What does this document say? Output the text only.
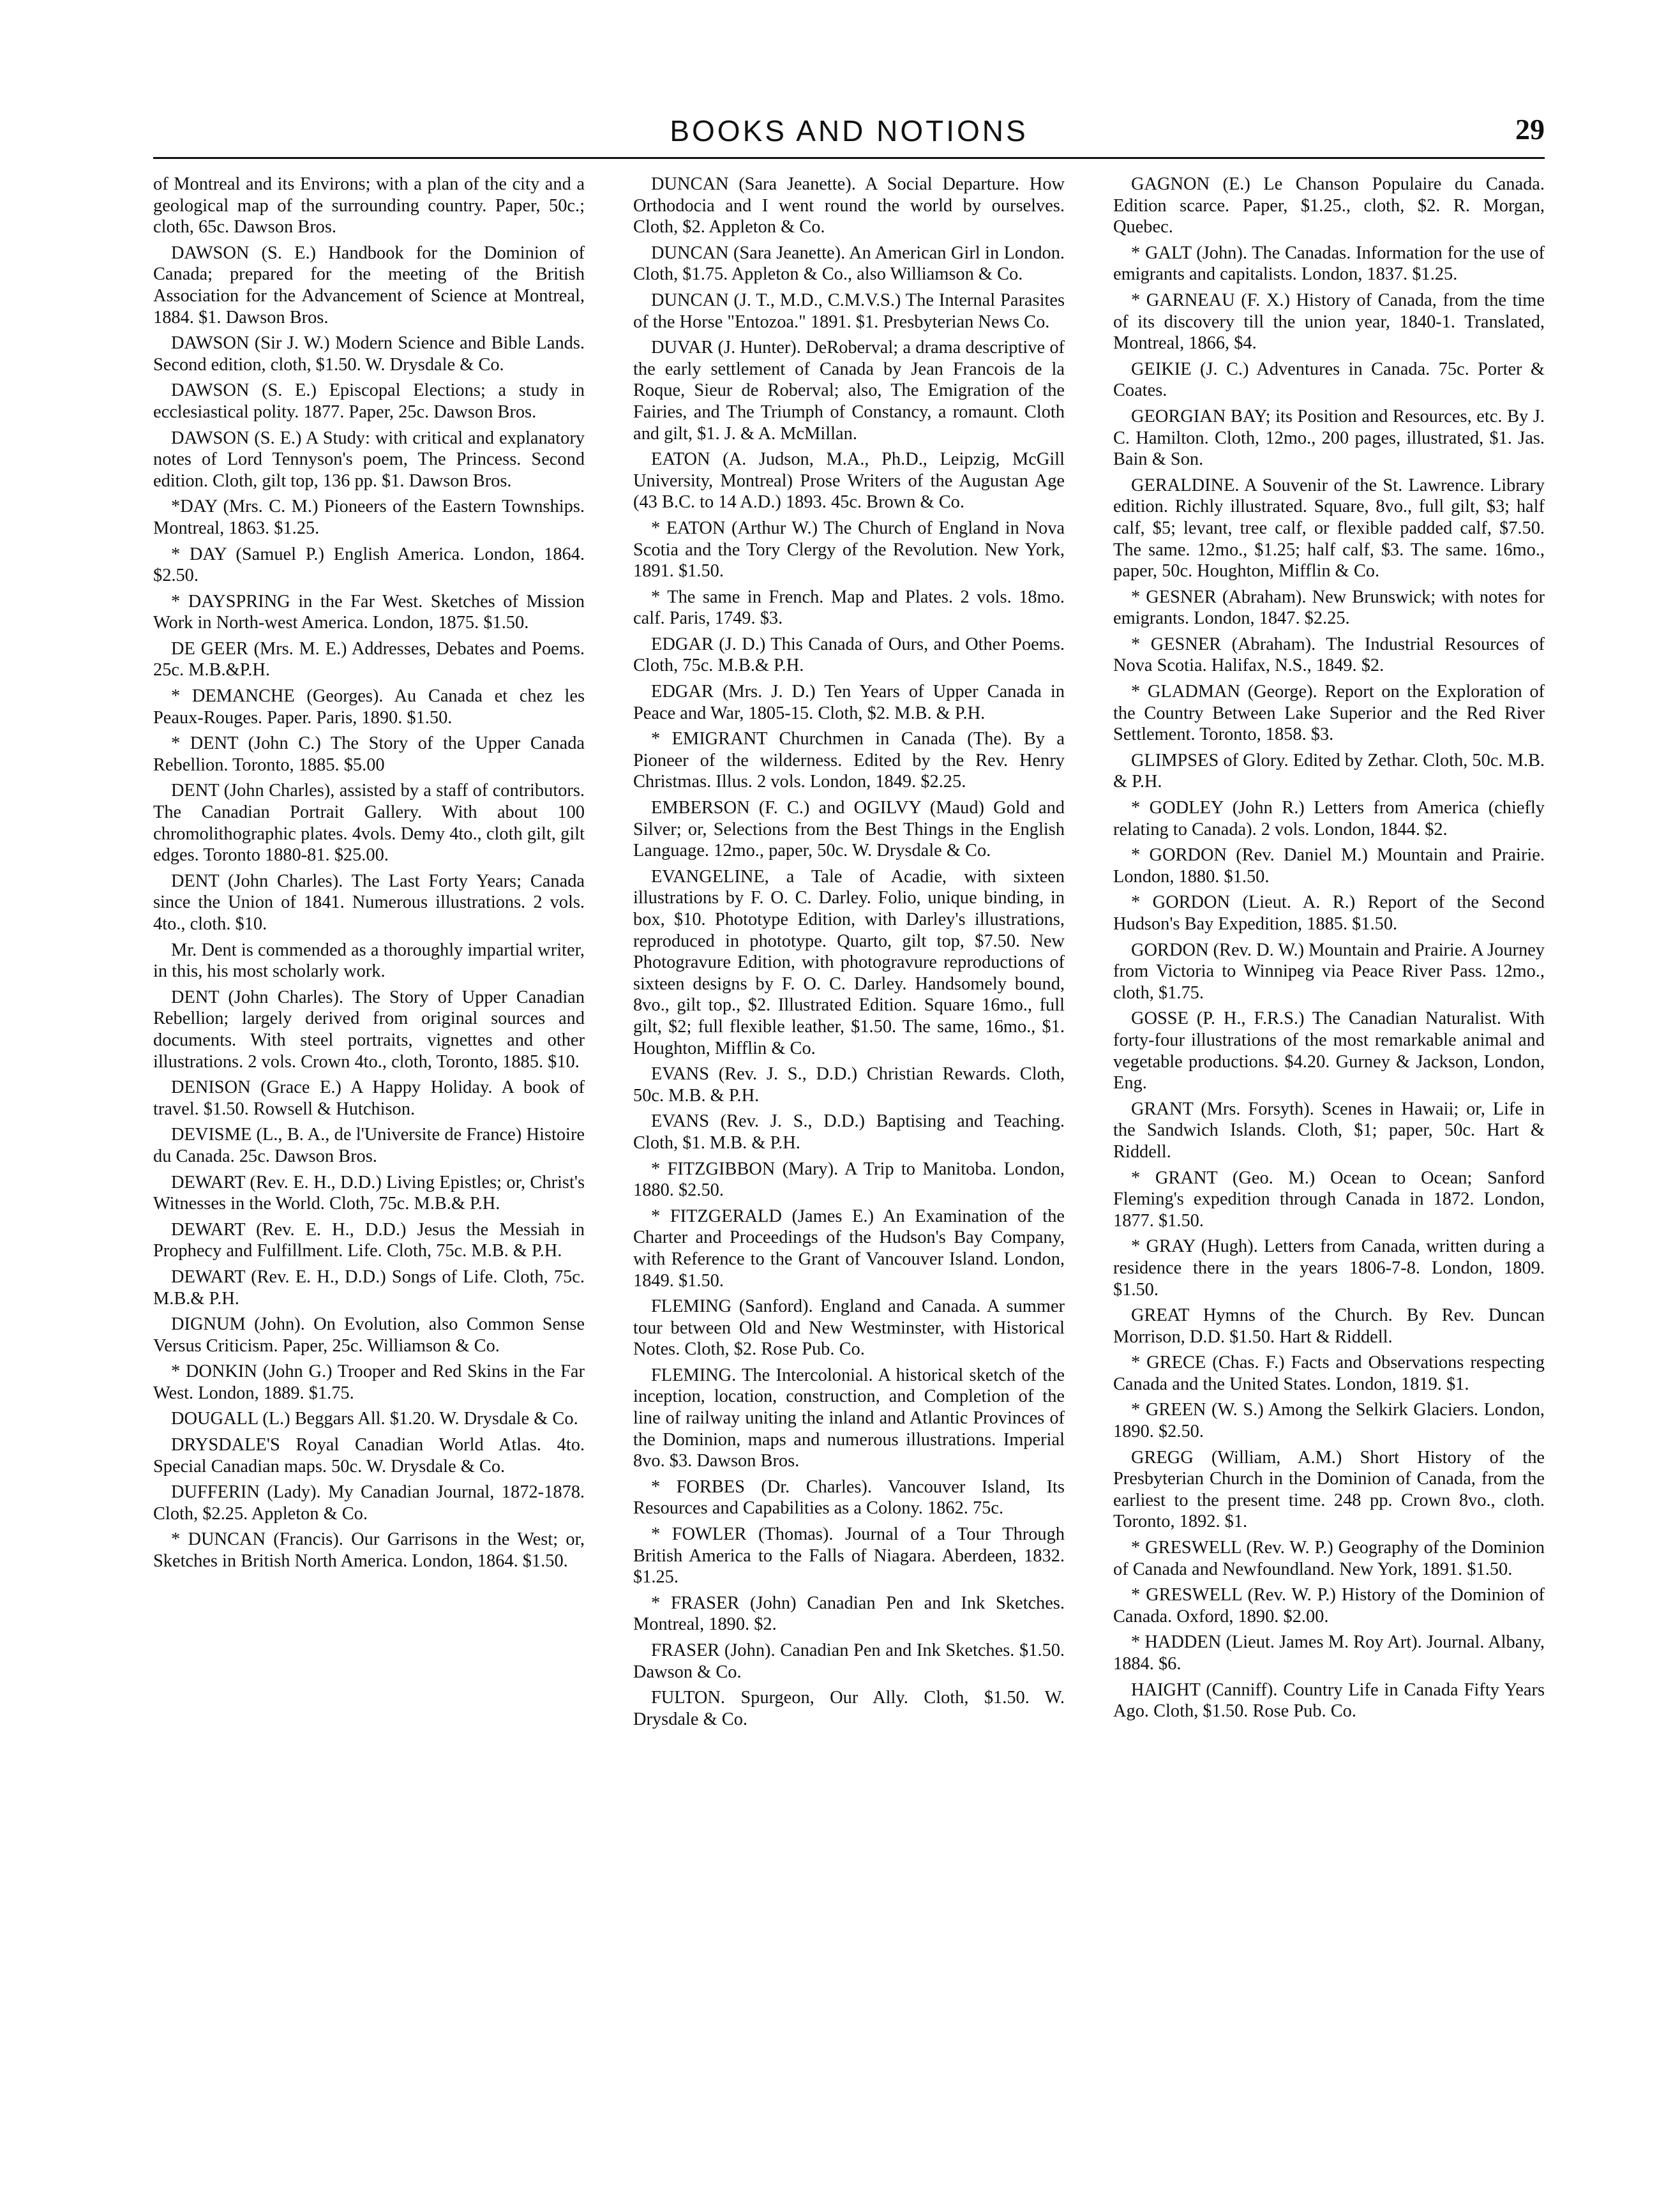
BOOKS AND NOTIONS	29

of Montreal and its Environs; with a plan of the city and a geological map of the surrounding country. Paper, 50c.; cloth, 65c. Dawson Bros.

DAWSON (S. E.) Handbook for the Dominion of Canada; prepared for the meeting of the British Association for the Advancement of Science at Montreal, 1884. $1. Dawson Bros.

DAWSON (Sir J. W.) Modern Science and Bible Lands. Second edition, cloth, $1.50. W. Drysdale & Co.

DAWSON (S. E.) Episcopal Elections; a study in ecclesiastical polity. 1877. Paper, 25c. Dawson Bros.

DAWSON (S. E.) A Study: with critical and explanatory notes of Lord Tennyson's poem, The Princess. Second edition. Cloth, gilt top, 136 pp. $1. Dawson Bros.

*DAY (Mrs. C. M.) Pioneers of the Eastern Townships. Montreal, 1863. $1.25.

* DAY (Samuel P.) English America. London, 1864. $2.50.

* DAYSPRING in the Far West. Sketches of Mission Work in North-west America. London, 1875. $1.50.

DE GEER (Mrs. M. E.) Addresses, Debates and Poems. 25c. M.B.&P.H.

* DEMANCHE (Georges). Au Canada et chez les Peaux-Rouges. Paper. Paris, 1890. $1.50.

* DENT (John C.) The Story of the Upper Canada Rebellion. Toronto, 1885. $5.00

DENT (John Charles), assisted by a staff of contributors. The Canadian Portrait Gallery. With about 100 chromolithographic plates. 4vols. Demy 4to., cloth gilt, gilt edges. Toronto 1880-81. $25.00.

DENT (John Charles). The Last Forty Years; Canada since the Union of 1841. Numerous illustrations. 2 vols. 4to., cloth. $10.

Mr. Dent is commended as a thoroughly impartial writer, in this, his most scholarly work.

DENT (John Charles). The Story of Upper Canadian Rebellion; largely derived from original sources and documents. With steel portraits, vignettes and other illustrations. 2 vols. Crown 4to., cloth, Toronto, 1885. $10.

DENISON (Grace E.) A Happy Holiday. A book of travel. $1.50. Rowsell & Hutchison.

DEVISME (L., B. A., de l'Universite de France) Histoire du Canada. 25c. Dawson Bros.

DEWART (Rev. E. H., D.D.) Living Epistles; or, Christ's Witnesses in the World. Cloth, 75c. M.B.& P.H.

DEWART (Rev. E. H., D.D.) Jesus the Messiah in Prophecy and Fulfillment. Life. Cloth, 75c. M.B. & P.H.

DEWART (Rev. E. H., D.D.) Songs of Life. Cloth, 75c. M.B.& P.H.

DIGNUM (John). On Evolution, also Common Sense Versus Criticism. Paper, 25c. Williamson & Co.

* DONKIN (John G.) Trooper and Red Skins in the Far West. London, 1889. $1.75.

DOUGALL (L.) Beggars All. $1.20. W. Drysdale & Co.

DRYSDALE'S Royal Canadian World Atlas. 4to. Special Canadian maps. 50c. W. Drysdale & Co.

DUFFERIN (Lady). My Canadian Journal, 1872-1878. Cloth, $2.25. Appleton & Co.

* DUNCAN (Francis). Our Garrisons in the West; or, Sketches in British North America. London, 1864. $1.50.

DUNCAN (Sara Jeanette). A Social Departure. How Orthodocia and I went round the world by ourselves. Cloth, $2. Appleton & Co.

DUNCAN (Sara Jeanette). An American Girl in London. Cloth, $1.75. Appleton & Co., also Williamson & Co.

DUNCAN (J. T., M.D., C.M.V.S.) The Internal Parasites of the Horse "Entozoa." 1891. $1. Presbyterian News Co.

DUVAR (J. Hunter). DeRoberval; a drama descriptive of the early settlement of Canada by Jean Francois de la Roque, Sieur de Roberval; also, The Emigration of the Fairies, and The Triumph of Constancy, a romaunt. Cloth and gilt, $1. J. & A. McMillan.

EATON (A. Judson, M.A., Ph.D., Leipzig, McGill University, Montreal) Prose Writers of the Augustan Age (43 B.C. to 14 A.D.) 1893. 45c. Brown & Co.

* EATON (Arthur W.) The Church of England in Nova Scotia and the Tory Clergy of the Revolution. New York, 1891. $1.50.

* The same in French. Map and Plates. 2 vols. 18mo. calf. Paris, 1749. $3.

EDGAR (J. D.) This Canada of Ours, and Other Poems. Cloth, 75c. M.B.& P.H.

EDGAR (Mrs. J. D.) Ten Years of Upper Canada in Peace and War, 1805-15. Cloth, $2. M.B. & P.H.

* EMIGRANT Churchmen in Canada (The). By a Pioneer of the wilderness. Edited by the Rev. Henry Christmas. Illus. 2 vols. London, 1849. $2.25.

EMBERSON (F. C.) and OGILVY (Maud) Gold and Silver; or, Selections from the Best Things in the English Language. 12mo., paper, 50c. W. Drysdale & Co.

EVANGELINE, a Tale of Acadie, with sixteen illustrations by F. O. C. Darley. Folio, unique binding, in box, $10. Phototype Edition, with Darley's illustrations, reproduced in phototype. Quarto, gilt top, $7.50. New Photogravure Edition, with photogravure reproductions of sixteen designs by F. O. C. Darley. Handsomely bound, 8vo., gilt top., $2. Illustrated Edition. Square 16mo., full gilt, $2; full flexible leather, $1.50. The same, 16mo., $1. Houghton, Mifflin & Co.

EVANS (Rev. J. S., D.D.) Christian Rewards. Cloth, 50c. M.B. & P.H.

EVANS (Rev. J. S., D.D.) Baptising and Teaching. Cloth, $1. M.B. & P.H.

* FITZGIBBON (Mary). A Trip to Manitoba. London, 1880. $2.50.

* FITZGERALD (James E.) An Examination of the Charter and Proceedings of the Hudson's Bay Company, with Reference to the Grant of Vancouver Island. London, 1849. $1.50.

FLEMING (Sanford). England and Canada. A summer tour between Old and New Westminster, with Historical Notes. Cloth, $2. Rose Pub. Co.

FLEMING. The Intercolonial. A historical sketch of the inception, location, construction, and Completion of the line of railway uniting the inland and Atlantic Provinces of the Dominion, maps and numerous illustrations. Imperial 8vo. $3. Dawson Bros.

* FORBES (Dr. Charles). Vancouver Island, Its Resources and Capabilities as a Colony. 1862. 75c.

* FOWLER (Thomas). Journal of a Tour Through British America to the Falls of Niagara. Aberdeen, 1832. $1.25.

* FRASER (John) Canadian Pen and Ink Sketches. Montreal, 1890. $2.

FRASER (John). Canadian Pen and Ink Sketches. $1.50. Dawson & Co.

FULTON. Spurgeon, Our Ally. Cloth, $1.50. W. Drysdale & Co.

GAGNON (E.) Le Chanson Populaire du Canada. Edition scarce. Paper, $1.25., cloth, $2. R. Morgan, Quebec.

* GALT (John). The Canadas. Information for the use of emigrants and capitalists. London, 1837. $1.25.

* GARNEAU (F. X.) History of Canada, from the time of its discovery till the union year, 1840-1. Translated, Montreal, 1866, $4.

GEIKIE (J. C.) Adventures in Canada. 75c. Porter & Coates.

GEORGIAN BAY; its Position and Resources, etc. By J. C. Hamilton. Cloth, 12mo., 200 pages, illustrated, $1. Jas. Bain & Son.

GERALDINE. A Souvenir of the St. Lawrence. Library edition. Richly illustrated. Square, 8vo., full gilt, $3; half calf, $5; levant, tree calf, or flexible padded calf, $7.50. The same. 12mo., $1.25; half calf, $3. The same. 16mo., paper, 50c. Houghton, Mifflin & Co.

* GESNER (Abraham). New Brunswick; with notes for emigrants. London, 1847. $2.25.

* GESNER (Abraham). The Industrial Resources of Nova Scotia. Halifax, N.S., 1849. $2.

* GLADMAN (George). Report on the Exploration of the Country Between Lake Superior and the Red River Settlement. Toronto, 1858. $3.

GLIMPSES of Glory. Edited by Zethar. Cloth, 50c. M.B. & P.H.

* GODLEY (John R.) Letters from America (chiefly relating to Canada). 2 vols. London, 1844. $2.

* GORDON (Rev. Daniel M.) Mountain and Prairie. London, 1880. $1.50.

* GORDON (Lieut. A. R.) Report of the Second Hudson's Bay Expedition, 1885. $1.50.

GORDON (Rev. D. W.) Mountain and Prairie. A Journey from Victoria to Winnipeg via Peace River Pass. 12mo., cloth, $1.75.

GOSSE (P. H., F.R.S.) The Canadian Naturalist. With forty-four illustrations of the most remarkable animal and vegetable productions. $4.20. Gurney & Jackson, London, Eng.

GRANT (Mrs. Forsyth). Scenes in Hawaii; or, Life in the Sandwich Islands. Cloth, $1; paper, 50c. Hart & Riddell.

* GRANT (Geo. M.) Ocean to Ocean; Sanford Fleming's expedition through Canada in 1872. London, 1877. $1.50.

* GRAY (Hugh). Letters from Canada, written during a residence there in the years 1806-7-8. London, 1809. $1.50.

GREAT Hymns of the Church. By Rev. Duncan Morrison, D.D. $1.50. Hart & Riddell.

* GRECE (Chas. F.) Facts and Observations respecting Canada and the United States. London, 1819. $1.

* GREEN (W. S.) Among the Selkirk Glaciers. London, 1890. $2.50.

GREGG (William, A.M.) Short History of the Presbyterian Church in the Dominion of Canada, from the earliest to the present time. 248 pp. Crown 8vo., cloth. Toronto, 1892. $1.

* GRESWELL (Rev. W. P.) Geography of the Dominion of Canada and Newfoundland. New York, 1891. $1.50.

* GRESWELL (Rev. W. P.) History of the Dominion of Canada. Oxford, 1890. $2.00.

* HADDEN (Lieut. James M. Roy Art). Journal. Albany, 1884. $6.

HAIGHT (Canniff). Country Life in Canada Fifty Years Ago. Cloth, $1.50. Rose Pub. Co.
